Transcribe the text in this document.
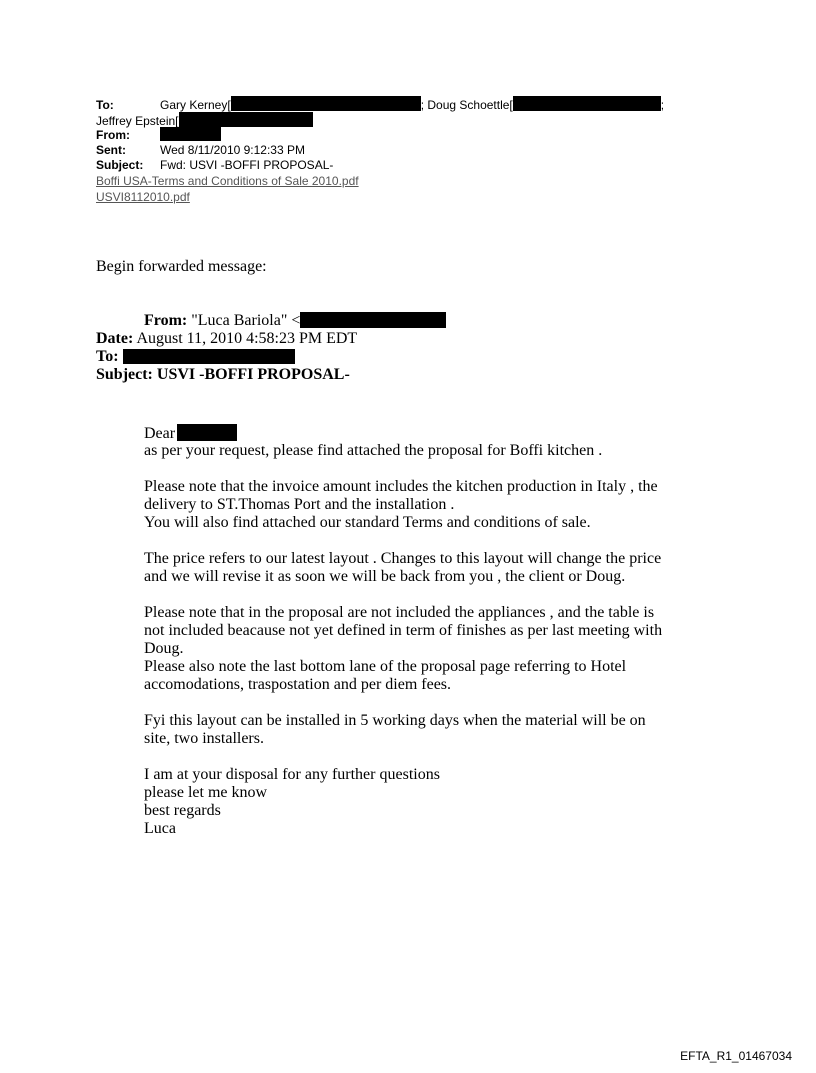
To:	Gary Kerney[	; Doug Schoettle[	;
Jeffrey Epstein[
From:
Sent:	Wed 8/11/2010 9:12:33 PM
Subject: Fwd: USVI -BOFFI PROPOSAL-
Boffi USA-Terms and Conditions of Sale 2010.pdf
USVI8112010.pdf
Begin forwarded message:
From: "Luca Bariola" <
Date: August 11, 2010 4:58:23 PM EDT
To:
Subject: USVI -BOFFI PROPOSAL-
Dear

as per your request, please find attached the proposal for Boffi kitchen .

Please note that the invoice amount includes the kitchen production in Italy , the delivery to ST.Thomas Port and the installation .

You will also find attached our standard Terms and conditions of sale.

The price refers to our latest layout . Changes to this layout will change the price and we will revise it as soon we will be back from you , the client or Doug.

Please note that in the proposal are not included the appliances , and the table is not included beacause not yet defined in term of finishes as per last meeting with Doug.

Please also note the last bottom lane of the proposal page referring to Hotel accomodations, traspostation and per diem fees.

Fyi this layout can be installed in 5 working days when the material will be on site, two installers.

I am at your disposal for any further questions

please let me know

best regards

Luca

EFTA_R1_01467034
